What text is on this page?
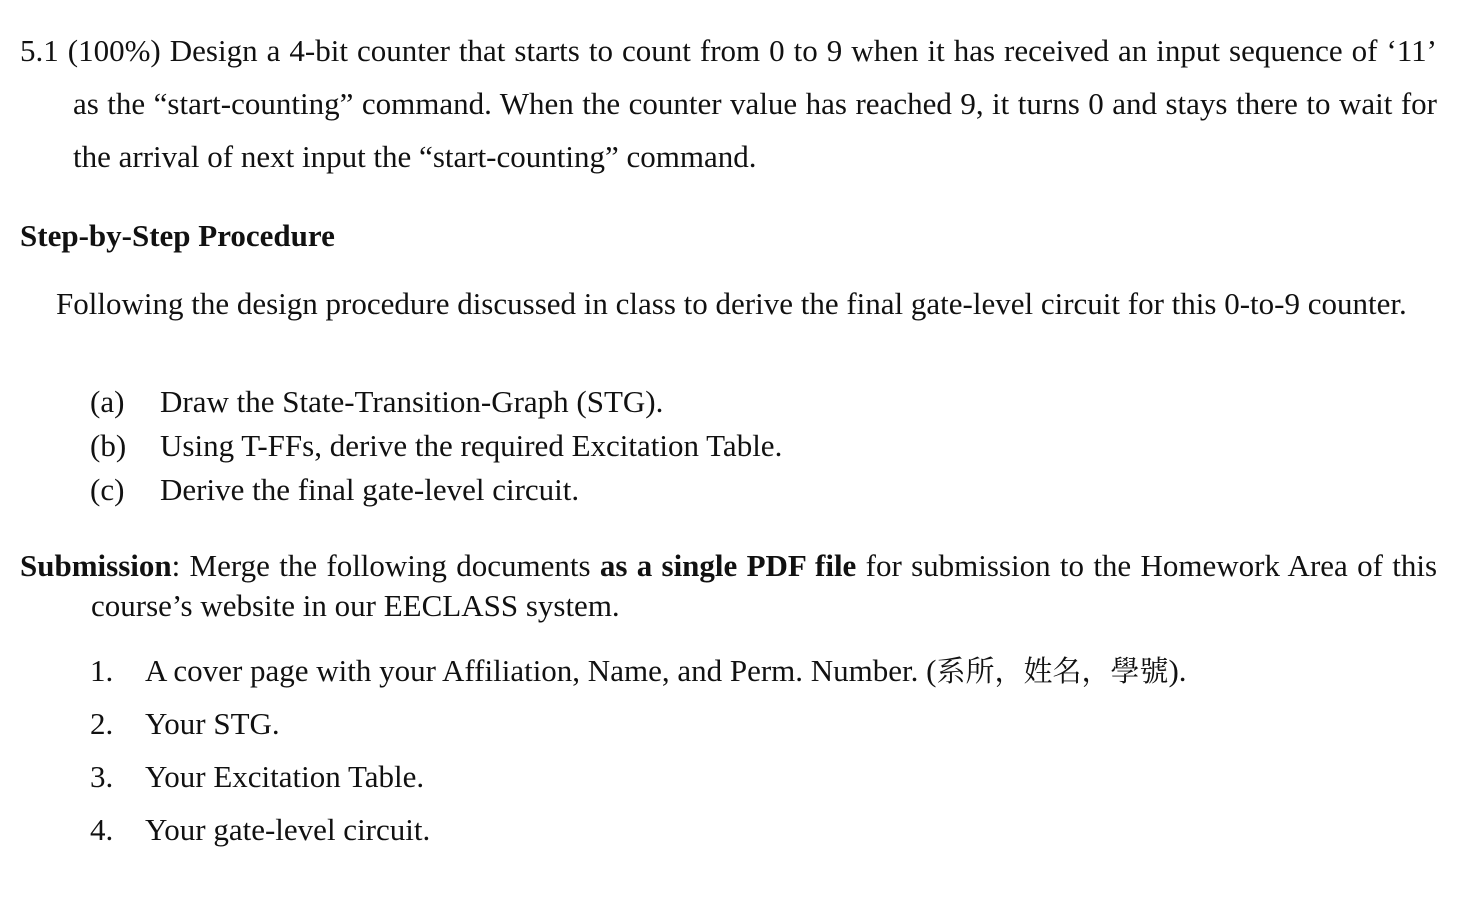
5.1 (100%) Design a 4-bit counter that starts to count from 0 to 9 when it has received an input sequence of ‘11’ as the “start-counting” command. When the counter value has reached 9, it turns 0 and stays there to wait for the arrival of next input the “start-counting” command.
Step-by-Step Procedure
Following the design procedure discussed in class to derive the final gate-level circuit for this 0-to-9 counter.
(a)	Draw the State-Transition-Graph (STG).
(b)	Using T-FFs, derive the required Excitation Table.
(c)	Derive the final gate-level circuit.
Submission: Merge the following documents as a single PDF file for submission to the Homework Area of this course’s website in our EECLASS system.
1.	A cover page with your Affiliation, Name, and Perm. Number. (系所，姓名，學號).
2.	Your STG.
3.	Your Excitation Table.
4.	Your gate-level circuit.
